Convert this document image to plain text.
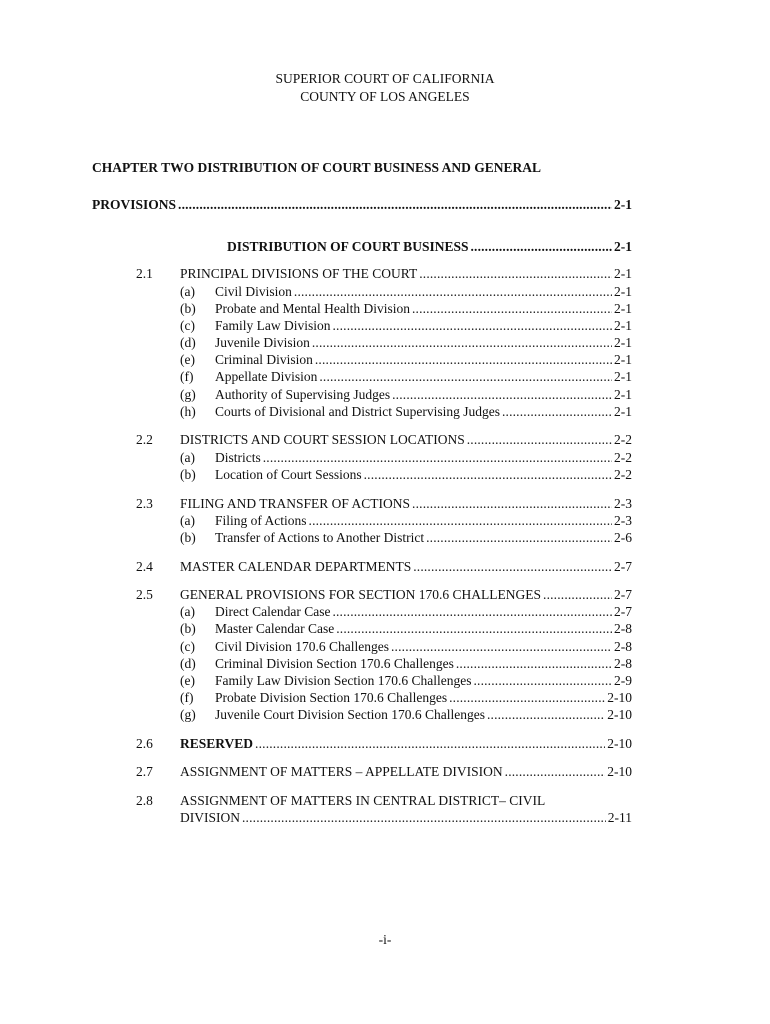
SUPERIOR COURT OF CALIFORNIA
COUNTY OF LOS ANGELES
CHAPTER TWO DISTRIBUTION OF COURT BUSINESS AND GENERAL
PROVISIONS . . .	2-1
DISTRIBUTION OF COURT BUSINESS . . .	2-1
2.1 PRINCIPAL DIVISIONS OF THE COURT . . .	2-1
(a) Civil Division . . .	2-1
(b) Probate and Mental Health Division . . .	2-1
(c) Family Law Division . . .	2-1
(d) Juvenile Division . . .	2-1
(e) Criminal Division . . .	2-1
(f) Appellate Division . . .	2-1
(g) Authority of Supervising Judges . . .	2-1
(h) Courts of Divisional and District Supervising Judges . . .	2-1
2.2 DISTRICTS AND COURT SESSION LOCATIONS . . .	2-2
(a) Districts . . .	2-2
(b) Location of Court Sessions . . .	2-2
2.3 FILING AND TRANSFER OF ACTIONS . . .	2-3
(a) Filing of Actions . . .	2-3
(b) Transfer of Actions to Another District . . .	2-6
2.4 MASTER CALENDAR DEPARTMENTS . . .	2-7
2.5 GENERAL PROVISIONS FOR SECTION 170.6 CHALLENGES . . .	2-7
(a) Direct Calendar Case . . .	2-7
(b) Master Calendar Case . . .	2-8
(c) Civil Division 170.6 Challenges . . .	2-8
(d) Criminal Division Section 170.6 Challenges . . .	2-8
(e) Family Law Division Section 170.6 Challenges . . .	2-9
(f) Probate Division Section 170.6 Challenges . . .	2-10
(g) Juvenile Court Division Section 170.6 Challenges . . .	2-10
2.6 RESERVED . . .	2-10
2.7 ASSIGNMENT OF MATTERS – APPELLATE DIVISION . . .	2-10
2.8 ASSIGNMENT OF MATTERS IN CENTRAL DISTRICT– CIVIL
DIVISION . . .	2-11
-i-
